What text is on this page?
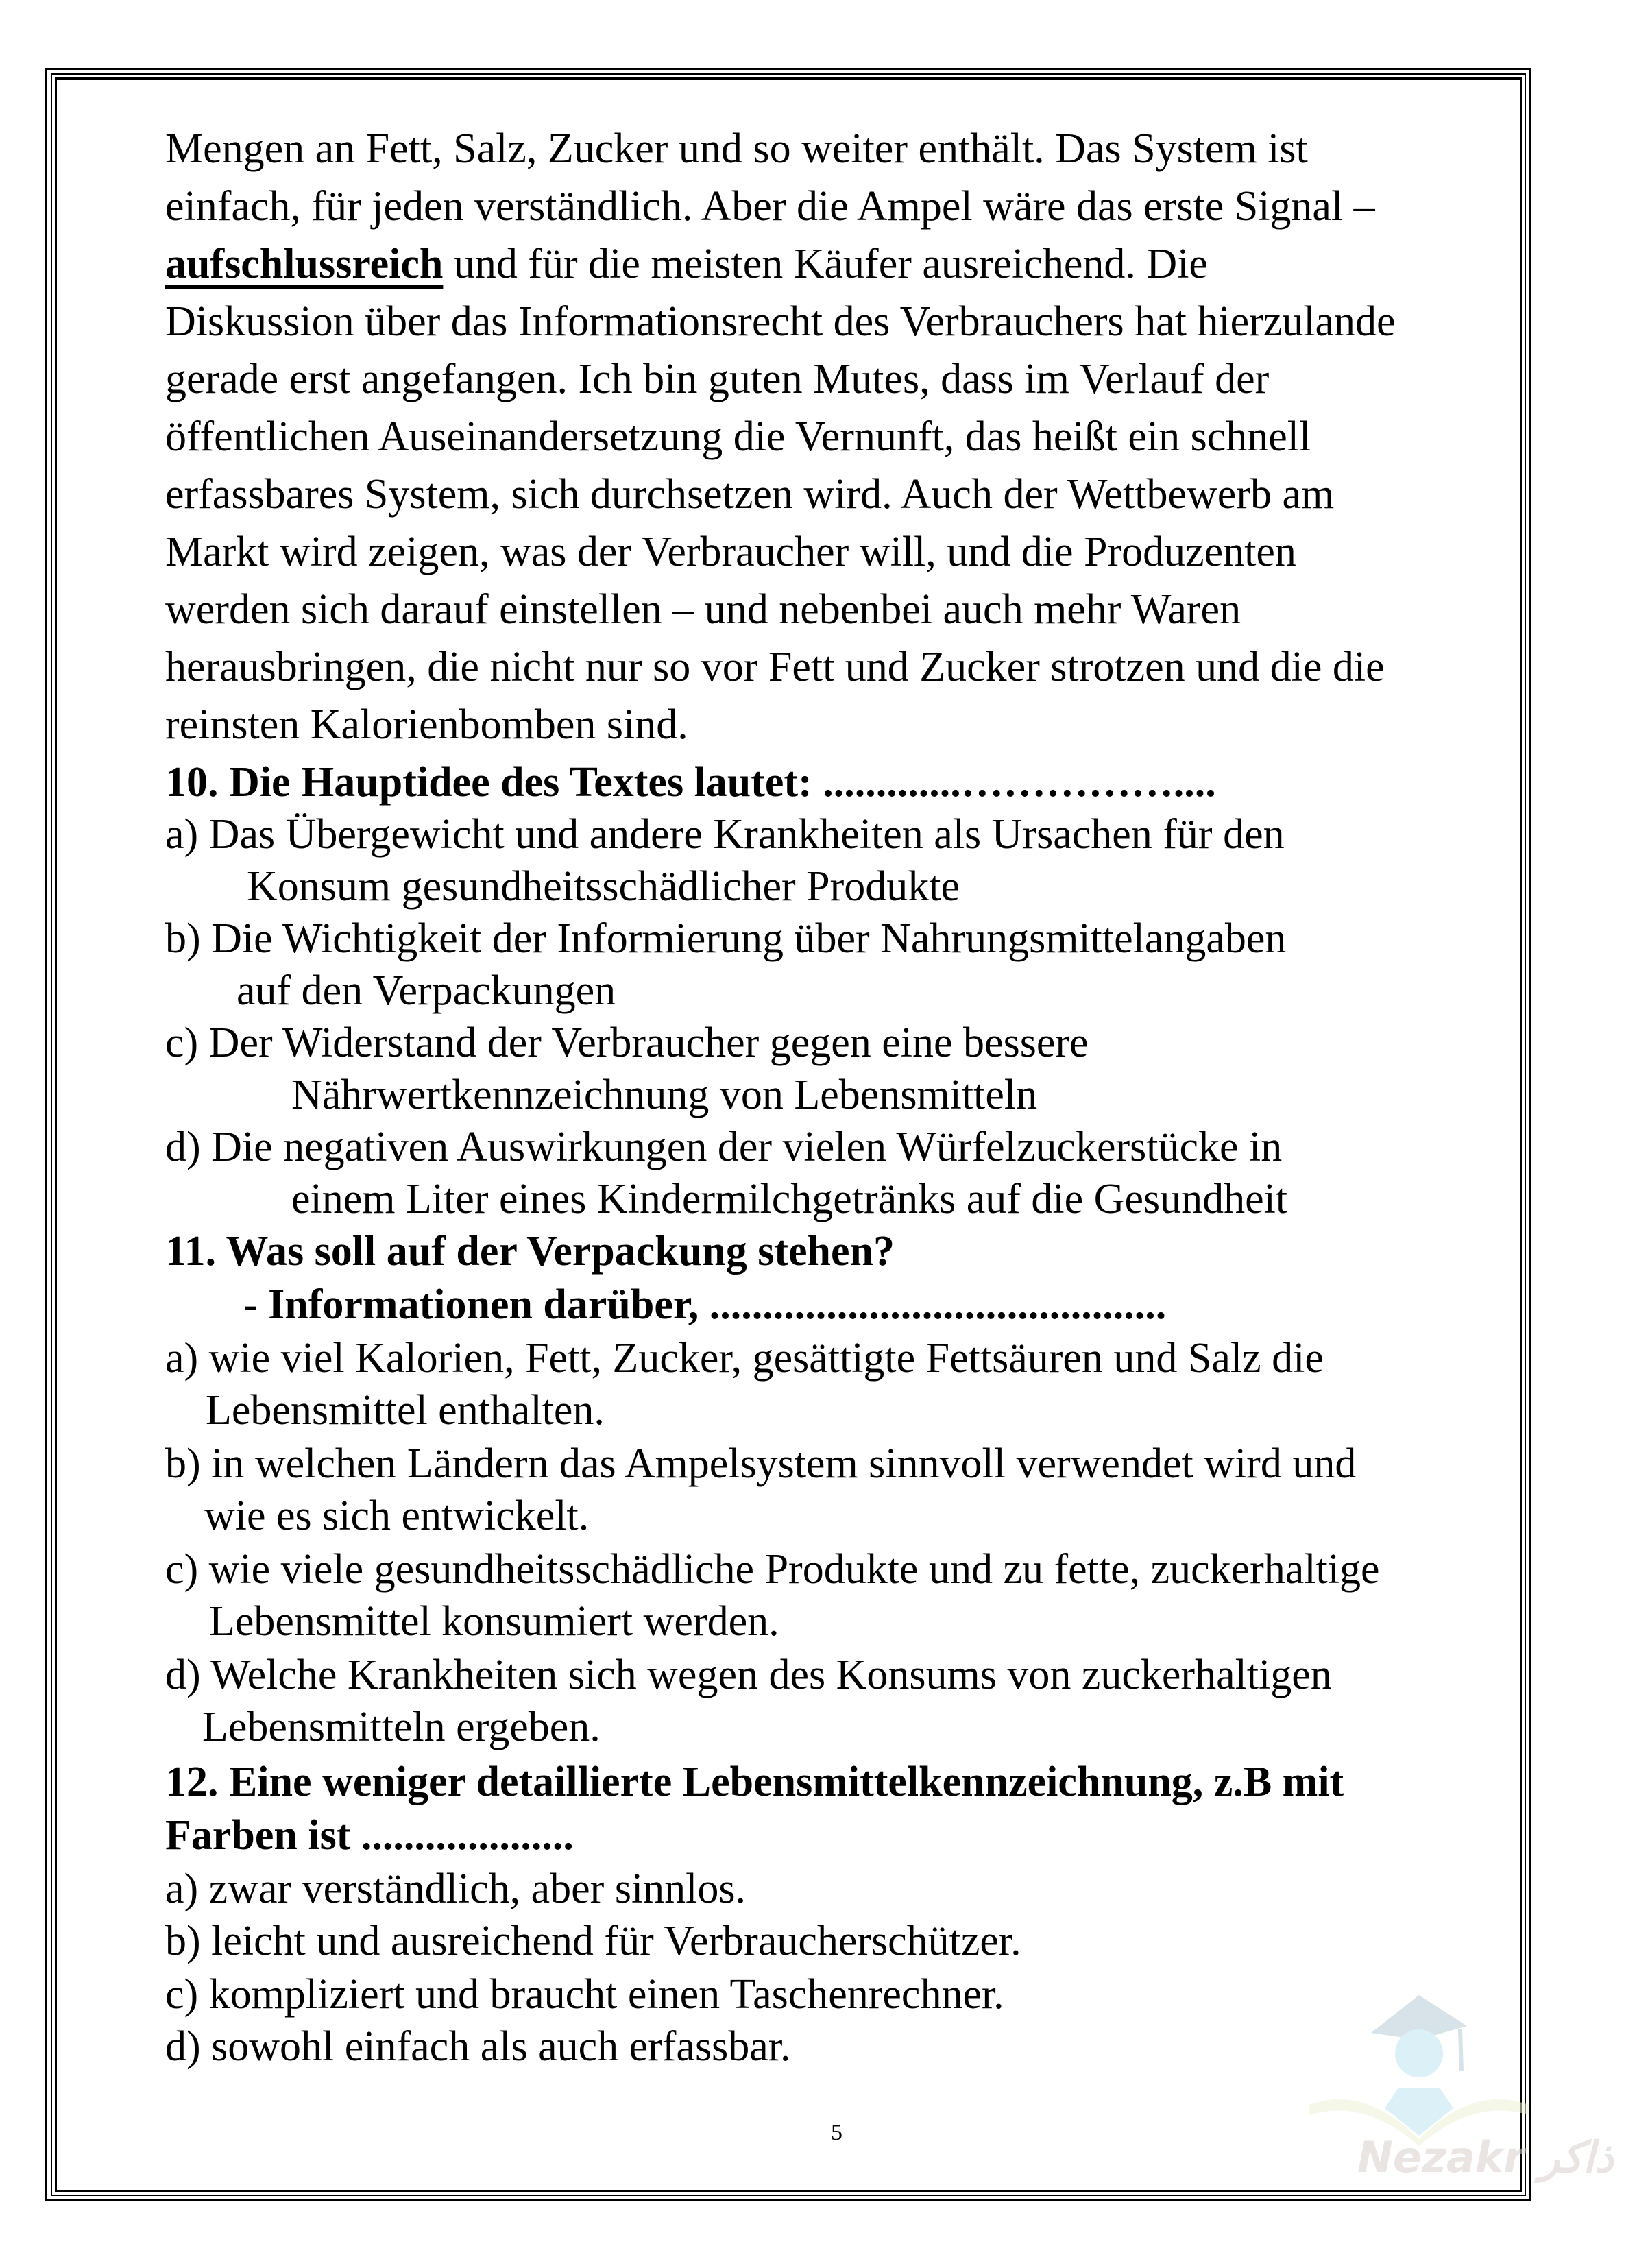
Mengen an Fett, Salz, Zucker und so weiter enthält. Das System ist
einfach, für jeden verständlich. Aber die Ampel wäre das erste Signal –
aufschlussreich und für die meisten Käufer ausreichend. Die
Diskussion über das Informationsrecht des Verbrauchers hat hierzulande
gerade erst angefangen. Ich bin guten Mutes, dass im Verlauf der
öffentlichen Auseinandersetzung die Vernunft, das heißt ein schnell
erfassbares System, sich durchsetzen wird. Auch der Wettbewerb am
Markt wird zeigen, was der Verbraucher will, und die Produzenten
werden sich darauf einstellen – und nebenbei auch mehr Waren
herausbringen, die nicht nur so vor Fett und Zucker strotzen und die die
reinsten Kalorienbomben sind.
10. Die Hauptidee des Textes lautet: .............……………....
a) Das Übergewicht und andere Krankheiten als Ursachen für den
Konsum gesundheitsschädlicher Produkte
b) Die Wichtigkeit der Informierung über Nahrungsmittelangaben
auf den Verpackungen
c) Der Widerstand der Verbraucher gegen eine bessere
Nährwertkennzeichnung von Lebensmitteln
d) Die negativen Auswirkungen der vielen Würfelzuckerstücke in
einem Liter eines Kindermilchgetränks auf die Gesundheit
11. Was soll auf der Verpackung stehen?
- Informationen darüber, ...........................................
a) wie viel Kalorien, Fett, Zucker, gesättigte Fettsäuren und Salz die
Lebensmittel enthalten.
b) in welchen Ländern das Ampelsystem sinnvoll verwendet wird und
wie es sich entwickelt.
c) wie viele gesundheitsschädliche Produkte und zu fette, zuckerhaltige
Lebensmittel konsumiert werden.
d) Welche Krankheiten sich wegen des Konsums von zuckerhaltigen
Lebensmitteln ergeben.
12. Eine weniger detaillierte Lebensmittelkennzeichnung, z.B mit
Farben ist ....................
a) zwar verständlich, aber sinnlos.
b) leicht und ausreichend für Verbraucherschützer.
c) kompliziert und braucht einen Taschenrechner.
d) sowohl einfach als auch erfassbar.
5	Nezakr ذاكر
